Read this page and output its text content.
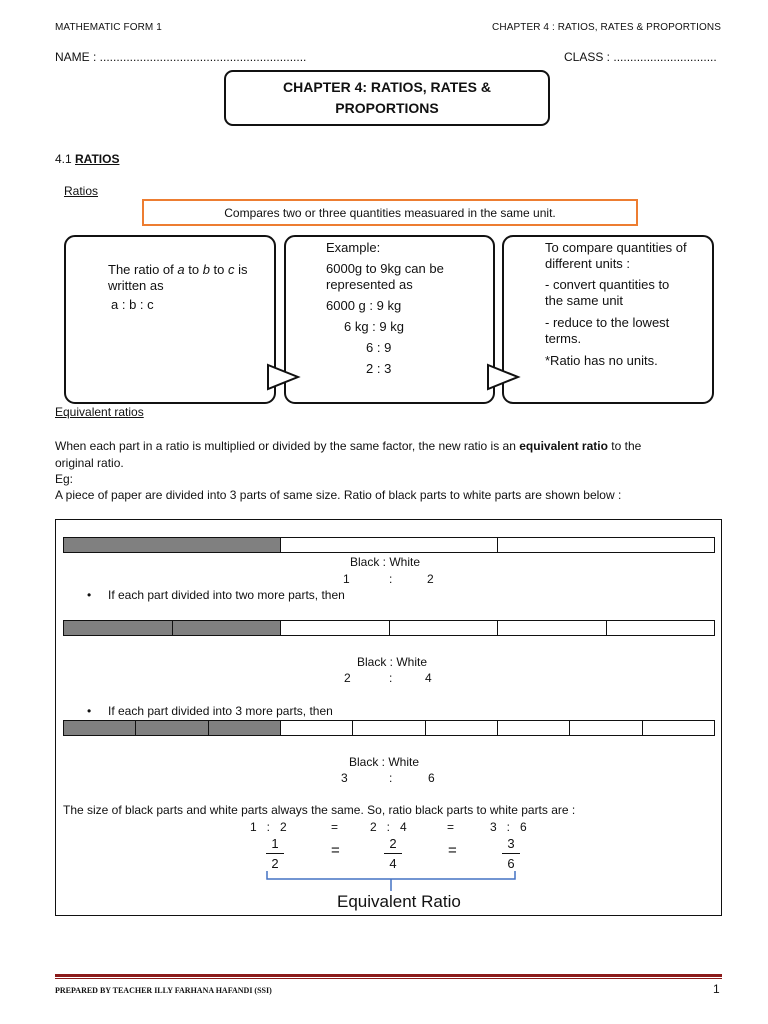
MATHEMATIC FORM 1	CHAPTER 4 : RATIOS, RATES & PROPORTIONS
NAME : ..............................................................	CLASS : ...............................
CHAPTER 4: RATIOS, RATES &
PROPORTIONS
4.1 RATIOS
Ratios
Compares two or three quantities measuared in the same unit.
The ratio of a to b to c is
written as
a : b : c
Example:
6000g to 9kg can be
represented as
6000 g : 9 kg
6 kg : 9 kg
6 : 9
2 : 3
To compare quantities of
different units :
- convert quantities to
the same unit
- reduce to the lowest
terms.
*Ratio has no units.
Equivalent ratios
When each part in a ratio is multiplied or divided by the same factor, the new ratio is an equivalent ratio to the
original ratio.
Eg:
A piece of paper are divided into 3 parts of same size. Ratio of black parts to white parts are shown below :
Black : White
1	:	2
• If each part divided into two more parts, then
Black : White
2	:	4
• If each part divided into 3 more parts, then
Black : White
3	:	6
The size of black parts and white parts always the same. So, ratio black parts to white parts are :
1   :   2	=	2   :   4	=	3   :   6
1
2
=	2
4
=	3
6
Equivalent Ratio
PREPARED BY TEACHER ILLY FARHANA HAFANDI (SSI)	1
